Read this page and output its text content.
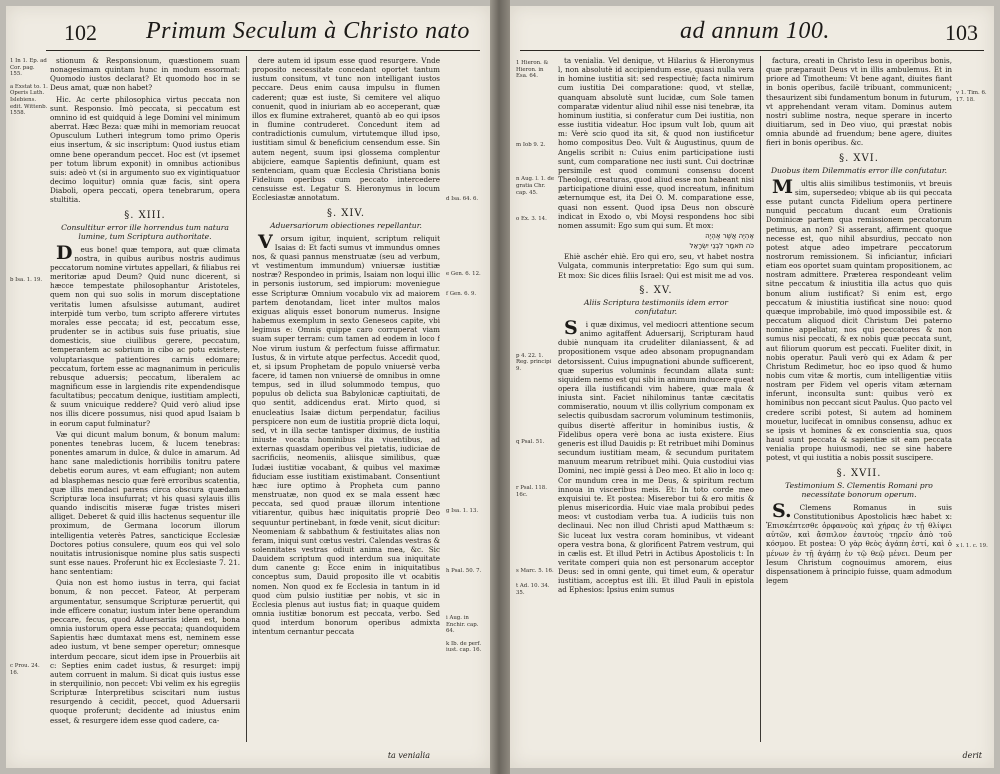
102 Primum Seculum à Christo nato
1 In 1. Ep. ad Cor. pag. 155.
a Exstat to. 1. Operis Luth. Islebiens. edit. Wittenb. 1558.
b Isa. 1. 19.
c Prou. 24. 16.

stionum & Responsionum, quæstionem suam nonagesimam quintam hunc in modum essormat: Quomodo iustos declarat? Et quomodo hoc in se Deus amat, quæ non habet?

Hic. Ac certe philosophica virtus peccata non sunt. Responsio. Imò peccata, si peccatum est omnino id est quidquid à lege Domini vel minimum aberrat. Hæc Beza: quæ mihi in memoriam reuocat Opusculum Lutheri integrum tomo primo Operis eius insertum, & sic inscriptum: Quod iustus etiam omne bene operandum peccet. Hoc est (vt ipsemet per totum librum exponit) in omnibus actionibus suis: adeò vt (si in argumento suo ex vigintiquatuor decimo loquitur) omnia quæ facis, sint opera Diaboli, opera peccati, opera tenebrarum, opera stultitia.

§. XIII.
Consultitur error ille horrendus tum natura lumine, tum Scriptura authoritate.

Deus bone! quæ tempora, aut quæ climata nostra, in quibus auribus nostris audimus peccatorum nomine virtutes appellari, & filiabus rei meritoriæ apud Deum? Quid nunc dicerent, si hæcce tempestate philosophantur Aristoteles, quem non qui suo solis in morum disceptatione veritatis lumen afsulsisse autumant, audiret interpidè tum verbo, tum scripto afferere virtutes morales esse peccata; id est, peccatum esse, prudenter se in actibus suis fuse priuatis, siue domesticis, siue ciuilibus gerere, peccatum, temperantem ac sobrium in cibo ac potu existere, voluptariasque patientiores carnis edomare; peccatum, fortem esse ac magnanimum in periculis rebusque aduersis; peccatum, liberalem ac magnificum esse in largiendis rite expendendisque facultatibus; peccatum denique, iustitiam amplecti, & suum vnicuique reddere? Quid verò aliud ipse nos illis dicere possumus, nisi quod apud Isaiam b in eorum caput fulminatur?

Væ qui dicunt malum bonum, & bonum malum: ponentes tenebras lucem, & lucem tenebras: ponentes amarum in dulce, & dulce in amarum. Ad hanc sane maledictionis horribilis tonitru patere debetis eorum aures, vt eam effugiant; non autem ad blasphemas nescio quæ ferè erroribus scatentia, quæ illis mendaci parens circa obscura quædam Scripturæ loca insufurrat; vt his quasi sylauis illis quando indiscitis miseræ fugæ tristes miseri alliget. Deberet & quid illis hactenus sequentur ille proximum, de Germana locorum illorum intelligentia veterès Patres, sancticique Ecclesiæ Doctores potius consulere, quum eos qui vel solo nouitatis intrusionisque nomine plus satis suspecti sunt esse naues. Proferunt hic ex Ecclesiaste 7. 21. hanc sententiam:

Quia non est homo iustus in terra, qui faciat bonum, & non peccet. Fateor, At perperam argumentatur, sensumque Scripturæ peruertit, qui inde efficere conatur, iustum inter bene operandum peccare, fecus, quod Aduersariis idem est, bona omnia iustorum opera esse peccata; quandoquidem Sapientis hæc dumtaxat mens est, neminem esse adeo iustum, vt bene semper operetur; omnesque interdum peccare, sicut idem ipse in Prouerbiis ait c: Septies enim cadet iustus, & resurget: impij autem corruent in malum. Si dicat quis iustus esse in sterquilinio, non peccet: Vbi velim ex his egregiis Scripturæ Interpretibus sciscitari num iustus resurgendo à cecidit, peccet, quod Aduersarii quoque proferunt; decidente ad iniustus enim esset, & resurgere idem esse quod cadere, ca-

dere autem id ipsum esse quod resurgere. Vnde proposito necessitate concedant oportet tantum iustum consitum, vt tunc non intelligant iustos peccare. Deus enim causa impulsu in flumen caderent; quæ est iuste, Si cemitere vel aliquo conuenit, quod in iniuriam ab eo acceperant, quæ illos ex flumine extraheret, quantò ab eo qui ipsos in flumine contruderet. Concedunt item ad contradictionis cumulum, virtutemque illud ipso, iustitiam simul & beneficium censendum esse. Sin autem negent, suum ipsi glossema complentur abijciere, eamque Sapientis definiunt, quam est sentenciam, quam quæ Ecclesia Christiana bonis Fidelium operibus cum peccato intercedere censuisse est. Legatur S. Hieronymus in locum Ecclesiastæ annotatum.

§. XIV.
Aduersariorum obiectiones repellantur.

Vorsum igitur, inquient, scriptum reliquit Isaias d: Et facti sumus vt immundus omnes nos, & quasi pannus menstruatæ (seu ad verbum, vt vestimentum immundum) vniuersæ iustitiæ nostræ? Respondeo in primis, Isaiam non loqui illic in personis iustorum, sed impiorum: moveniegue esse Scripturæ Omnium vocabulo vix ad maiorem partem denotandam, licet inter multos malos exiguas aliquis esset bonorum numerus. Insigne habemus exemplum in sexto Geneseos capite, vbi legimus e: Omnis quippe caro corruperat viam suam super terram: cum tamen ad eodem in loco f Noe virum iustum & perfectum fuisse affirmatur. Iustus, & in virtute atque perfectus. Accedit quod, et, si ipsum Prophetam de populo vniuersè verba facere, id tamen non vniuersè de omnibus in omne tempus, sed in illud solummodo tempus, quo populus ob delicta sua Babylonicæ captiuitati, de quo sentit, addicendus erat. Mirto quod, si enucleatius Isaiæ dictum perpendatur, facilius perspicere non eum de iustitia propriè dicta loqui, sed, vt in illa sectæ tantisper diximus, de iustitia iniuste vocata hominibus ita viuentibus, ad externas quasdam operibus vel pietatis, iudiciae de sacrificiis, neomeniis, aliisque similibus, quæ Iudæi iustitiæ vocabant, & quibus vel maximæ fiduciam esse iustitiam existimabant. Consentiunt hæc iure optimo à Propheta cum panno menstruatæ, non quod ex se mala essent hæc peccata, sed quod prauæ illorum intentione vitiarentur, quibus hæc iniquitatis propriè Deo sequuntur pertinebant, in fœde venit, sicut dicitur: Neomeniam & sabbathum & festiuitates alias non feram, iniqui sunt cœtus vestri. Calendas vestras & solennitates vestras odiuit anima mea, &c. Sic Dauidem scriptum quod interdum sua iniquitate dum canente g: Ecce enim in iniquitatibus conceptus sum, Dauid proposito ille vt ocabitis nomen. Non quod ex fe Ecclesia in tantum in id quod cùm pulsio iustitiæ per nobis, vt sic in Ecclesia plenus aut iustus fiat; in quaque quidem omnia iustitiæ bonorum est peccata, verbo. Sed quod interdum bonorum operibus admixta intentum cernantur peccata

d Isa. 64. 6.
e Gen. 6. 12.
f Gen. 6. 9.
g Isa. 1. 13.
h Psal. 50. 7.
i Aug. in Enchir. cap. 64.
k Ib. de perf. iust. cap. 16.
ta venialia
ad annum 100.	103
1 Hieron. & Hieron. in Esa. 64.
m Iob 9. 2.
n Aug. l. 1. de gratia Chr. cap. 45.
o Ex. 3. 14.
p 4. 22. 1. Reg. principi 9.
q Psal. 51.
r Psal. 118. 16c.
s Marc. 5. 16.
t Ad. 10. 34. 35.

ta venialia. Vel denique, vt Hilarius & Hieronymus l, non absolutè id accipiendum esse, quasi nulla vera in homine iustitia sit: sed respectiuè; facta nimirum cum iustitia Dei comparatione: quod, vt stellæ, quanquam absolutè sunt lucidæ, cum Sole tamen comparatæ videntur aliud nihil esse nisi tenebræ, ita hominum iustitia, si conferatur cum Dei iustitia, non esse iustitia videatur. Hoc ipsum vult Iob, quum ait m: Verè scio quod ita sit, & quod non iustificetur homo compositus Deo. Vult & Augustinus, quum de Angelis scribit n: Cuius enim participatione iusti sunt, cum comparatione nec iusti sunt. Cui doctrinæ persimile est quod communi consensu docent Theologi, creaturas, quod aliud esse non habeant nisi participatione diuini esse, quod increatum, infinitum æternumque est, ita Dei O. M. comparatione esse, quasi non essent. Quod ipsa Deus non obscurè indicat in Exodo o, vbi Moysi respondens hoc sibi nomen assumit: Ego sum qui sum. Et mox:

אֶהְיֶה אֲשֶׁר אֶהְיֶה
כֹּה תֹאמַר לִבְנֵי יִשְׂרָאֵל

Ehiè aschér ehiè. Ero qui ero, seu, vt habet nostra Vulgata, communis interpretatio: Ego sum qui sum. Et mox: Sic dices filiis Israel: Qui est misit me ad vos.

§. XV.
Aliis Scriptura testimoniis idem error confutatur.

Si quæ diximus, vel mediocri attentione secum animo agitaffent Aduersarij, Scripturam haud dubiè nunquam ita crudeliter dilaniassent, & ad propositionem vsque adeo absonam propugnandam detorsissent. Cuius impugnationi abunde sufficerent, quæ superius voluminis fecundam allata sunt: siquidem nemo est qui sibi in animum inducere queat opera illa iustificandi vim habere, quæ mala & iniusta sint. Faciet nihilominus tantæ cæcitatis commiseratio, nouum vt illis collyrium componam ex selectis quibusdam sacrorum voluminum testimoniis, quibus disertè afferitur in hominibus iustis, & Fidelibus opera verè bona ac iusta existere. Eius generis est illud Dauidis p: Et retribuet mihi Dominus secundum iustitiam meam, & secundum puritatem manuum mearum retribuet mihi. Quia custodiui vias Domini, nec impiè gessi à Deo meo. Et alio in loco q: Cor mundum crea in me Deus, & spiritum rectum innoua in visceribus meis. Et: In toto corde meo exquisiui te. Et postea: Miserebor tui & ero mitis & plenus misericordia. Huic viae mala probibui pedes meos: vt custodiam verba tua. A iudiciis tuis non declinaui. Nec non illud Christi apud Matthæum s: Sic luceat lux vestra coram hominibus, vt videant opera vestra bona, & glorificent Patrem vestrum, qui in cælis est. Et illud Petri in Actibus Apostolicis t: In veritate comperi quia non est personarum acceptor Deus: sed in omni gente, qui timet eum, & operatur iustitiam, acceptus est illi. Et illud Pauli in epistola ad Ephesios: Ipsius enim sumus

factura, creati in Christo Iesu in operibus bonis, quæ præparauit Deus vt in illis ambulemus. Et in priore ad Timotheum: Vt bene agant, diuites fiant in bonis operibus, facilè tribuant, communicent; thesaurizent sibi fundamentum bonum in futurum, vt apprehendant veram vitam. Dominus autem nostri sublime nostra, neque sperare in incerto diuitiarum, sed in Deo viuo, qui præstat nobis omnia abundè ad fruendum; bene agere, diuites fieri in bonis operibus. &c.

§. XVI.
Duobus item Dilemmatis error ille confutatur.

Multis aliis similibus testimoniis, vt breuis sim, supersedeo; vbique ab iis qui peccata esse putant cuncta Fidelium opera pertinere nunquid peccatum ducant eum Orationis Dominicæ partem qua remissionem peccatorum petimus, an non? Si asserant, affirment quoque necesse est, quo nihil absurdius, peccato non potest atque adeo impetrare peccatorum nostrorum remissionem. Si inficiantur, inficiari etiam eos oportet suam quintam propositionem, ac nostram admittere. Præterea respondeant velim sitne peccatum & iniustitia illa actus quo quis bonum alium iustificat? Si enim est, ergo peccatum & iniustitia iustificat sine nouo: quod quæque improbabile, imò quod impossibile est. & peccatum aliquod dicit Christum Dei paterno nomine appellatur, nos qui peccatores & non sumus nisi peccati, & ex nobis quæ peccata sunt, aut filiorum quorum est peccati. Fueliter dixit, in nobis operatur. Pauli verò qui ex Adam & per Christum Redimetur, hoc eo ipso quod & humo nobis cum vitæ & mortis, cum intelligentiæ vitiis nostram per Fidem vel operis vitam æternam inferunt, inconsulta sunt: quibus verò ex hominibus non peccant sicut Paulus. Quo pacto vel credere scribi potest, Si autem ad hominem mouetur, lucifecat in omnibus consensu, adhuc ex se ipsis vt homines & ex conscientia sua, quos haud sunt peccata & sapientiæ sit eam peccata venialia prope huiusmodi, nec se sine habere potest, vt qui iustitia a nobis possit suscipere.

§. XVII.
Testimonium S. Clementis Romani pro necessitate bonorum operum.

S.Clemens Romanus in suis Constitutionibus Apostolicis hæc habet x: Ἐπισκέπτεσθε ὀρφανοὺς καὶ χήρας ἐν τῇ θλίψει αὐτῶν, καὶ ἄσπιλον ἑαυτοὺς τηρεῖν ἀπὸ τοῦ κόσμου. Et postea: Ὁ γὰρ θεὸς ἀγάπη ἐστί, καὶ ὁ μένων ἐν τῇ ἀγάπῃ ἐν τῷ θεῷ μένει. Deum per Iesum Christum cognouimus amorem, eius dispensationem à principio fuisse, quam admodum legem

v 1. Tim. 6. 17. 18.
x l. 1. c. 19.
derit
